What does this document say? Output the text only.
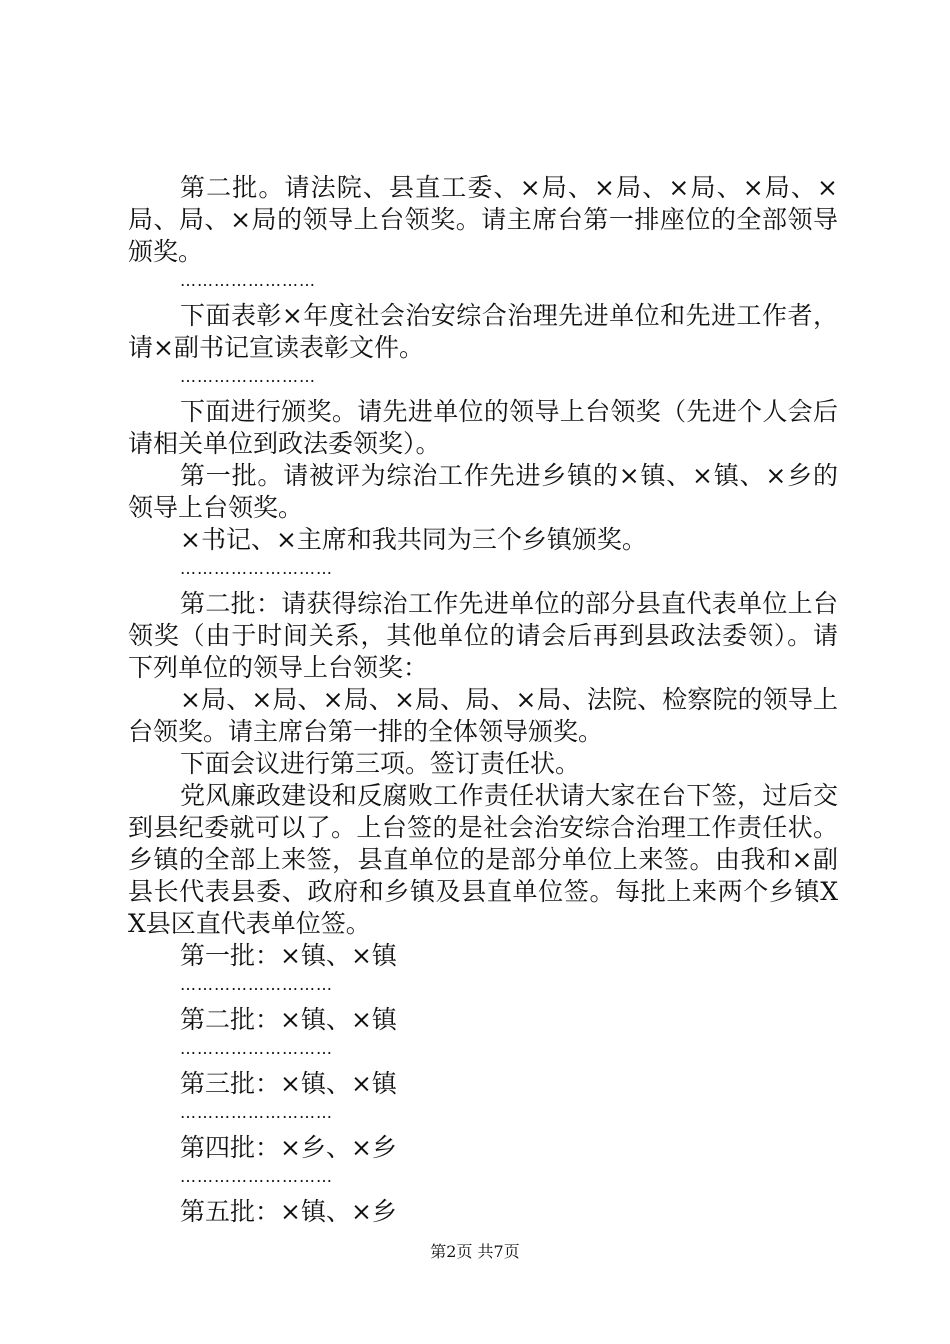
第二批。请法院、县直工委、×局、×局、×局、×局、×局、局、×局的领导上台领奖。请主席台第一排座位的全部领导颁奖。

……………………

下面表彰×年度社会治安综合治理先进单位和先进工作者，请×副书记宣读表彰文件。

……………………

下面进行颁奖。请先进单位的领导上台领奖（先进个人会后请相关单位到政法委领奖）。

第一批。请被评为综治工作先进乡镇的×镇、×镇、×乡的领导上台领奖。

×书记、×主席和我共同为三个乡镇颁奖。

………………………

第二批：请获得综治工作先进单位的部分县直代表单位上台领奖（由于时间关系，其他单位的请会后再到县政法委领）。请下列单位的领导上台领奖：

×局、×局、×局、×局、局、×局、法院、检察院的领导上台领奖。请主席台第一排的全体领导颁奖。

下面会议进行第三项。签订责任状。

党风廉政建设和反腐败工作责任状请大家在台下签，过后交到县纪委就可以了。上台签的是社会治安综合治理工作责任状。乡镇的全部上来签，县直单位的是部分单位上来签。由我和×副县长代表县委、政府和乡镇及县直单位签。每批上来两个乡镇XX县区直代表单位签。

第一批：×镇、×镇

………………………

第二批：×镇、×镇

………………………

第三批：×镇、×镇

………………………

第四批：×乡、×乡

………………………

第五批：×镇、×乡

第2页 共7页
